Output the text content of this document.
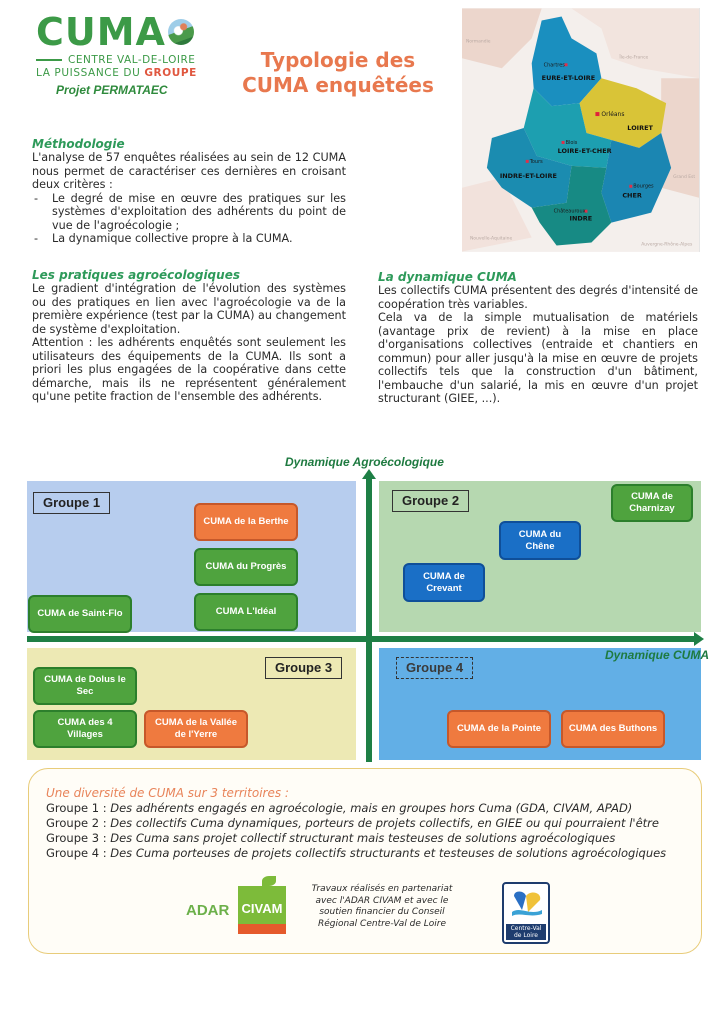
CUMA
CENTRE VAL-DE-LOIRE
LA PUISSANCE DU GROUPE
Projet PERMATAEC
Typologie des CUMA enquêtées
Chartres
Orléans
Blois
Tours
Bourges
Châteauroux
EURE-ET-LOIRE
LOIRET
LOIRE-ET-CHER
INDRE-ET-LOIRE
CHER
INDRE
Normandie
Île-de-France
Grand Est
Nouvelle-Aquitaine
Auvergne-Rhône-Alpes
Méthodologie
L'analyse de 57 enquêtes réalisées au sein de 12 CUMA nous permet de caractériser ces dernières en croisant deux critères :
- Le degré de mise en œuvre des pratiques sur les systèmes d'exploitation des adhérents du point de vue de l'agroécologie ;
- La dynamique collective propre à la CUMA.
Les pratiques agroécologiques
Le gradient d'intégration de l'évolution des systèmes ou des pratiques en lien avec l'agroécologie va de la première expérience (test par la CUMA) au changement de système d'exploitation.
Attention : les adhérents enquêtés sont seulement les utilisateurs des équipements de la CUMA. Ils sont a priori les plus engagées de la coopérative dans cette démarche, mais ils ne représentent généralement qu'une petite fraction de l'ensemble des adhérents.
La dynamique CUMA
Les collectifs CUMA présentent des degrés d'intensité de coopération très variables.
Cela va de la simple mutualisation de matériels (avantage prix de revient) à la mise en place d'organisations collectives (entraide et chantiers en commun) pour aller jusqu'à la mise en œuvre de projets collectifs tels que la construction d'un bâtiment, l'embauche d'un salarié, la mis en œuvre d'un projet structurant (GIEE, ...).
Dynamique Agroécologique
Dynamique CUMA
Groupe 1	Groupe 2
Groupe 3	Groupe 4
CUMA de la Berthe
CUMA du Progrès
CUMA de Saint-Flo	CUMA L'Idéal
CUMA de Charnizay
CUMA du Chêne
CUMA de Crevant
CUMA de Dolus le Sec
CUMA des 4 Villages
CUMA de la Vallée de l'Yerre
CUMA de la Pointe	CUMA des Buthons
Une diversité de CUMA sur 3 territoires :
Groupe 1 : Des adhérents engagés en agroécologie, mais en groupes hors Cuma (GDA, CIVAM, APAD)
Groupe 2 : Des collectifs Cuma dynamiques, porteurs de projets collectifs, en GIEE ou qui pourraient l'être
Groupe 3 : Des Cuma sans projet collectif structurant mais testeuses de solutions agroécologiques
Groupe 4 : Des Cuma porteuses de projets collectifs structurants et testeuses de solutions agroécologiques
ADAR CIVAM
Travaux réalisés en partenariat avec l'ADAR CIVAM et avec le soutien financier du Conseil Régional Centre-Val de Loire	Centre-Val de Loire
